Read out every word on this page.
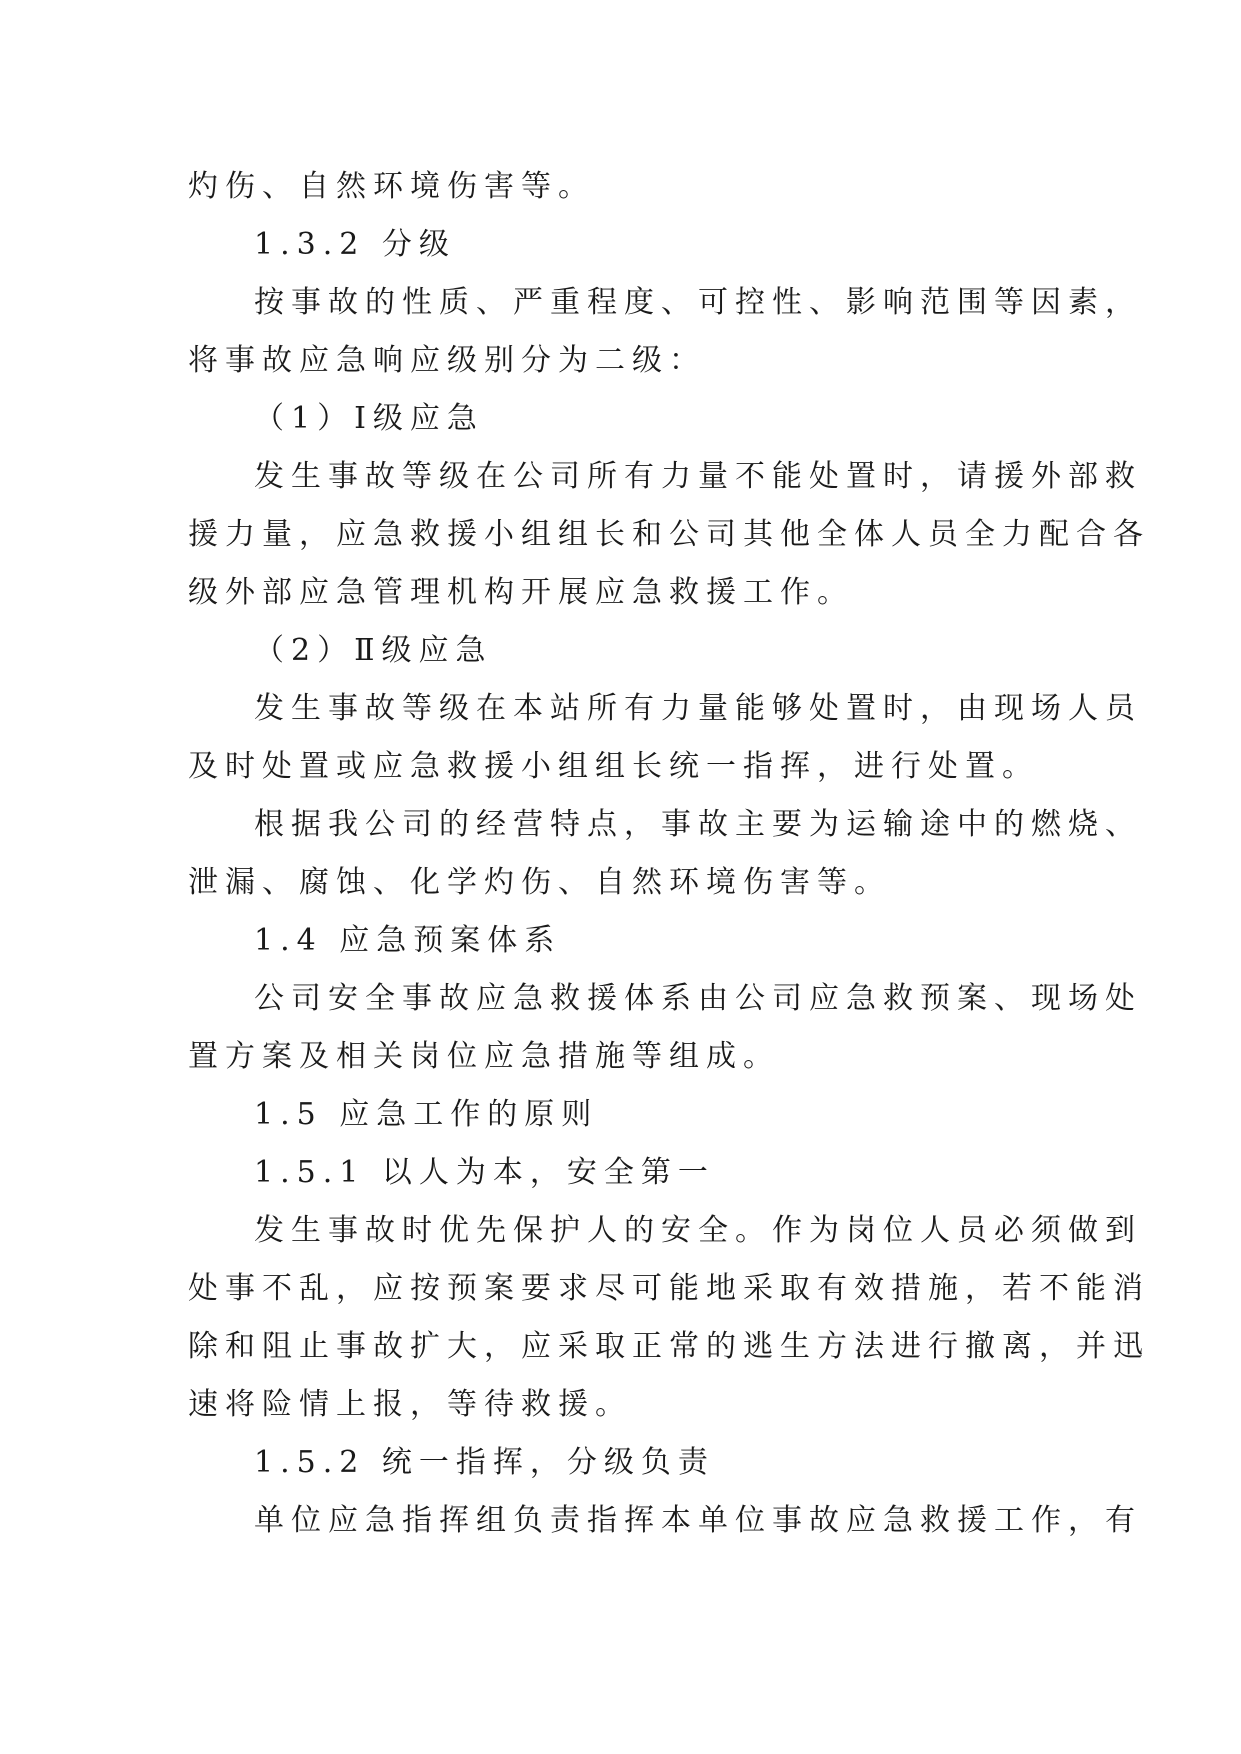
灼伤、自然环境伤害等。
1.3.2 分级
按事故的性质、严重程度、可控性、影响范围等因素，
将事故应急响应级别分为二级：
（1）Ⅰ级应急
发生事故等级在公司所有力量不能处置时，请援外部救
援力量，应急救援小组组长和公司其他全体人员全力配合各
级外部应急管理机构开展应急救援工作。
（2）Ⅱ级应急
发生事故等级在本站所有力量能够处置时，由现场人员
及时处置或应急救援小组组长统一指挥，进行处置。
根据我公司的经营特点，事故主要为运输途中的燃烧、
泄漏、腐蚀、化学灼伤、自然环境伤害等。
1.4 应急预案体系
公司安全事故应急救援体系由公司应急救预案、现场处
置方案及相关岗位应急措施等组成。
1.5 应急工作的原则
1.5.1 以人为本，安全第一
发生事故时优先保护人的安全。作为岗位人员必须做到
处事不乱，应按预案要求尽可能地采取有效措施，若不能消
除和阻止事故扩大，应采取正常的逃生方法进行撤离，并迅
速将险情上报，等待救援。
1.5.2 统一指挥，分级负责
单位应急指挥组负责指挥本单位事故应急救援工作，有
